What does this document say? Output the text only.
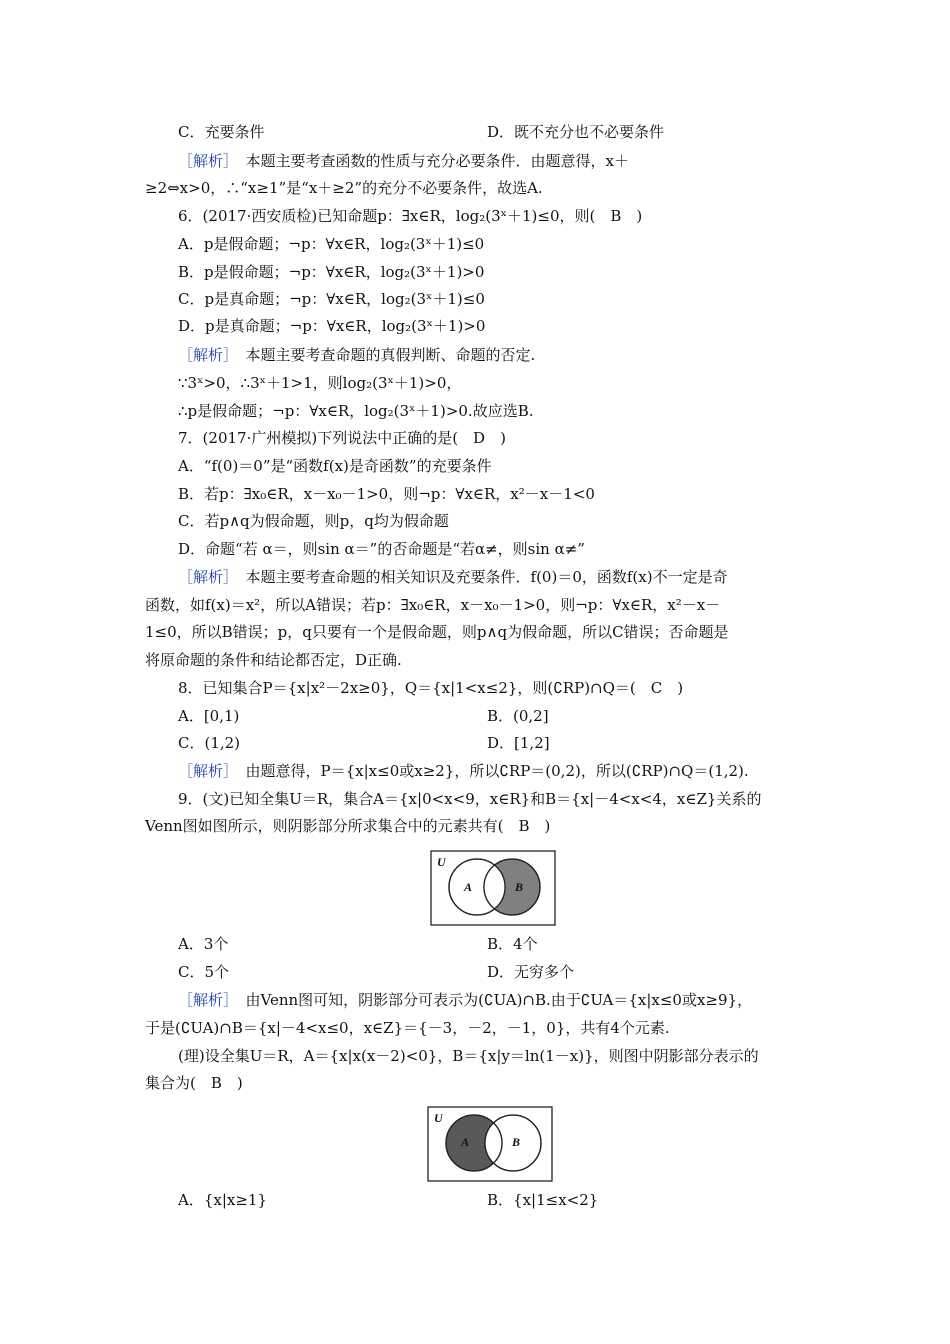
C．充要条件	D．既不充分也不必要条件
［解析］　本题主要考查函数的性质与充分必要条件．由题意得，x＋
≥2⇔x>0，∴“x≥1”是“x＋≥2”的充分不必要条件，故选A.
6．(2017·西安质检)已知命题p：∃x∈R，log₂(3ˣ＋1)≤0，则(　B　)
A．p是假命题；¬p：∀x∈R，log₂(3ˣ＋1)≤0
B．p是假命题；¬p：∀x∈R，log₂(3ˣ＋1)>0
C．p是真命题；¬p：∀x∈R，log₂(3ˣ＋1)≤0
D．p是真命题；¬p：∀x∈R，log₂(3ˣ＋1)>0
［解析］　本题主要考查命题的真假判断、命题的否定.
∵3ˣ>0，∴3ˣ＋1>1，则log₂(3ˣ＋1)>0，
∴p是假命题；¬p：∀x∈R，log₂(3ˣ＋1)>0.故应选B.
7．(2017·广州模拟)下列说法中正确的是(　D　)
A．“f(0)＝0”是“函数f(x)是奇函数”的充要条件
B．若p：∃x₀∈R，x－x₀－1>0，则¬p：∀x∈R，x²－x－1<0
C．若p∧q为假命题，则p，q均为假命题
D．命题“若 α＝，则sin α＝”的否命题是“若α≠，则sin α≠”
［解析］　本题主要考查命题的相关知识及充要条件．f(0)＝0，函数f(x)不一定是奇
函数，如f(x)＝x²，所以A错误；若p：∃x₀∈R，x－x₀－1>0，则¬p：∀x∈R，x²－x－
1≤0，所以B错误；p，q只要有一个是假命题，则p∧q为假命题，所以C错误；否命题是
将原命题的条件和结论都否定，D正确.
8．已知集合P＝{x|x²－2x≥0}，Q＝{x|1<x≤2}，则(∁RP)∩Q＝(　C　)
A．[0,1)	B．(0,2]
C．(1,2)	D．[1,2]
［解析］　由题意得，P＝{x|x≤0或x≥2}，所以∁RP＝(0,2)，所以(∁RP)∩Q＝(1,2).
9．(文)已知全集U＝R，集合A＝{x|0<x<9，x∈R}和B＝{x|－4<x<4，x∈Z}关系的
Venn图如图所示，则阴影部分所求集合中的元素共有(　B　)
U
A	B
A．3个	B．4个
C．5个	D．无穷多个
［解析］　由Venn图可知，阴影部分可表示为(∁UA)∩B.由于∁UA＝{x|x≤0或x≥9}，
于是(∁UA)∩B＝{x|－4<x≤0，x∈Z}＝{－3，－2，－1，0}，共有4个元素.
(理)设全集U＝R，A＝{x|x(x－2)<0}，B＝{x|y＝ln(1－x)}，则图中阴影部分表示的
集合为(　B　)
U
A	B
A．{x|x≥1}	B．{x|1≤x<2}
